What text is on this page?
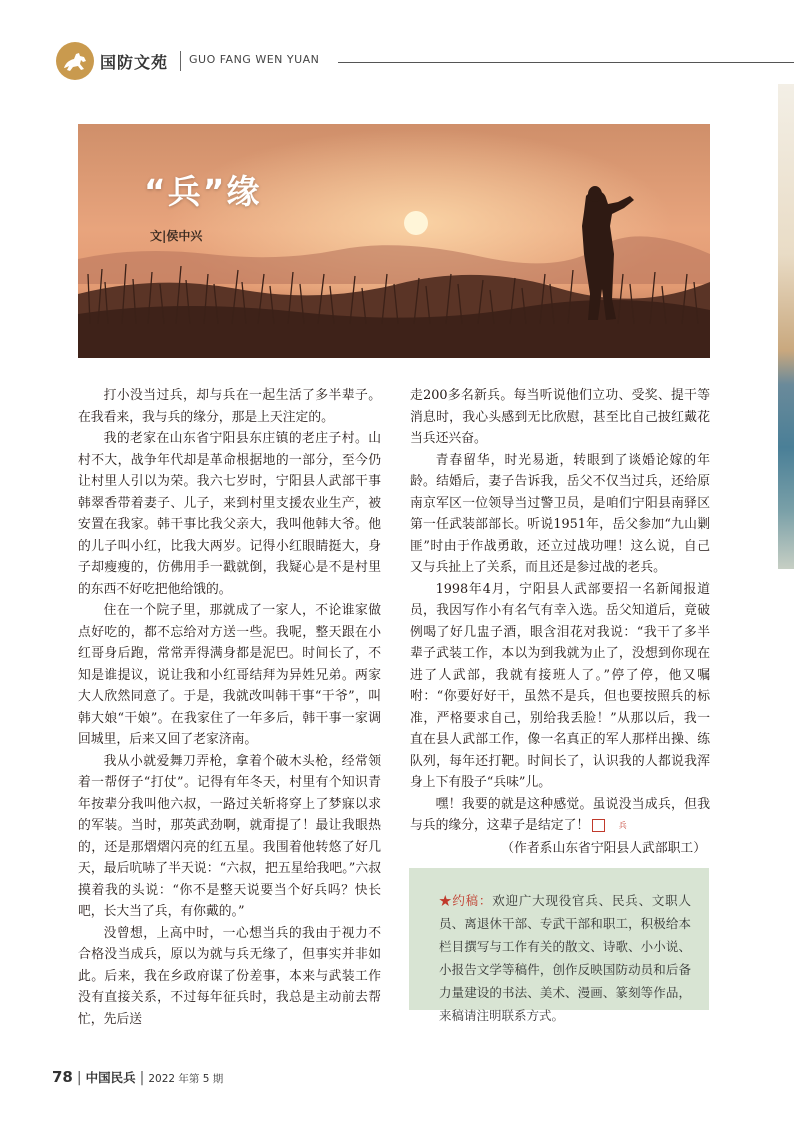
国防文苑 GUO FANG WEN YUAN
“兵”缘
文|侯中兴

打小没当过兵，却与兵在一起生活了多半辈子。在我看来，我与兵的缘分，那是上天注定的。

我的老家在山东省宁阳县东庄镇的老庄子村。山村不大，战争年代却是革命根据地的一部分，至今仍让村里人引以为荣。我六七岁时，宁阳县人武部干事韩翠香带着妻子、儿子，来到村里支援农业生产，被安置在我家。韩干事比我父亲大，我叫他韩大爷。他的儿子叫小红，比我大两岁。记得小红眼睛挺大，身子却瘦瘦的，仿佛用手一戳就倒，我疑心是不是村里的东西不好吃把他给饿的。

住在一个院子里，那就成了一家人，不论谁家做点好吃的，都不忘给对方送一些。我呢，整天跟在小红哥身后跑，常常弄得满身都是泥巴。时间长了，不知是谁提议，说让我和小红哥结拜为异姓兄弟。两家大人欣然同意了。于是，我就改叫韩干事“干爷”，叫韩大娘“干娘”。在我家住了一年多后，韩干事一家调回城里，后来又回了老家济南。

我从小就爱舞刀弄枪，拿着个破木头枪，经常领着一帮伢子“打仗”。记得有年冬天，村里有个知识青年按辈分我叫他六叔，一路过关斩将穿上了梦寐以求的军装。当时，那英武劲啊，就甭提了！最让我眼热的，还是那熠熠闪亮的红五星。我围着他转悠了好几天，最后吭哧了半天说：“六叔，把五星给我吧。”六叔摸着我的头说：“你不是整天说要当个好兵吗？快长吧，长大当了兵，有你戴的。”

没曾想，上高中时，一心想当兵的我由于视力不合格没当成兵，原以为就与兵无缘了，但事实并非如此。后来，我在乡政府谋了份差事，本来与武装工作没有直接关系，不过每年征兵时，我总是主动前去帮忙，先后送

走200多名新兵。每当听说他们立功、受奖、提干等消息时，我心头感到无比欣慰，甚至比自己披红戴花当兵还兴奋。

青春留华，时光易逝，转眼到了谈婚论嫁的年龄。结婚后，妻子告诉我，岳父不仅当过兵，还给原南京军区一位领导当过警卫员，是咱们宁阳县南驿区第一任武装部部长。听说1951年，岳父参加“九山剿匪”时由于作战勇敢，还立过战功哩！这么说，自己又与兵扯上了关系，而且还是参过战的老兵。

1998年4月，宁阳县人武部要招一名新闻报道员，我因写作小有名气有幸入选。岳父知道后，竟破例喝了好几盅子酒，眼含泪花对我说：“我干了多半辈子武装工作，本以为到我就为止了，没想到你现在进了人武部，我就有接班人了。”停了停，他又嘱咐：“你要好好干，虽然不是兵，但也要按照兵的标准，严格要求自己，别给我丢脸！”从那以后，我一直在县人武部工作，像一名真正的军人那样出操、练队列，每年还打靶。时间长了，认识我的人都说我浑身上下有股子“兵味”儿。

嘿！我要的就是这种感觉。虽说没当成兵，但我与兵的缘分，这辈子是结定了！	兵

（作者系山东省宁阳县人武部职工）

★约稿：欢迎广大现役官兵、民兵、文职人员、离退休干部、专武干部和职工，积极给本栏目撰写与工作有关的散文、诗歌、小小说、小报告文学等稿件，创作反映国防动员和后备力量建设的书法、美术、漫画、篆刻等作品，来稿请注明联系方式。
78 | 中国民兵 | 2022 年第 5 期
